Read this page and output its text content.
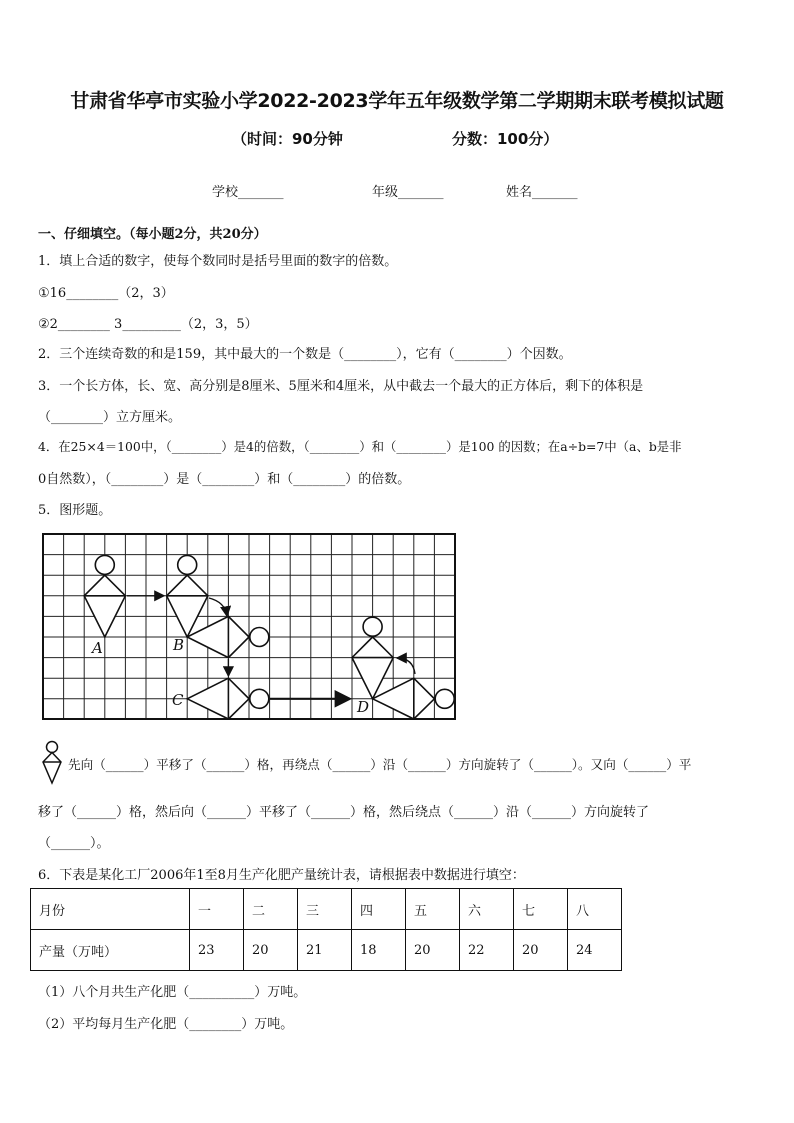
甘肃省华亭市实验小学2022-2023学年五年级数学第二学期期末联考模拟试题
（时间：90分钟	分数：100分）
学校_______	年级_______	姓名_______
一、仔细填空。（每小题2分，共20分）
1．填上合适的数字，使每个数同时是括号里面的数字的倍数。
①16________（2，3）
②2________ 3_________（2，3，5）
2．三个连续奇数的和是159，其中最大的一个数是（________），它有（________）个因数。
3．一个长方体，长、宽、高分别是8厘米、5厘米和4厘米，从中截去一个最大的正方体后，剩下的体积是
（________）立方厘米。
4．在25×4＝100中，（________）是4的倍数，（________）和（________）是100 的因数；在a÷b=7中（a、b是非
0自然数），（________）是（________）和（________）的倍数。
5．图形题。
A	B
C	D
先向（______）平移了（______）格，再绕点（______）沿（______）方向旋转了（______）。又向（______）平
移了（______）格，然后向（______）平移了（______）格，然后绕点（______）沿（______）方向旋转了
（______）。
6．下表是某化工厂2006年1至8月生产化肥产量统计表，请根据表中数据进行填空：
月份	一	二	三	四	五	六	七	八
产量（万吨）	23	20	21	18	20	22	20	24
（1）八个月共生产化肥（__________）万吨。
（2）平均每月生产化肥（________）万吨。
